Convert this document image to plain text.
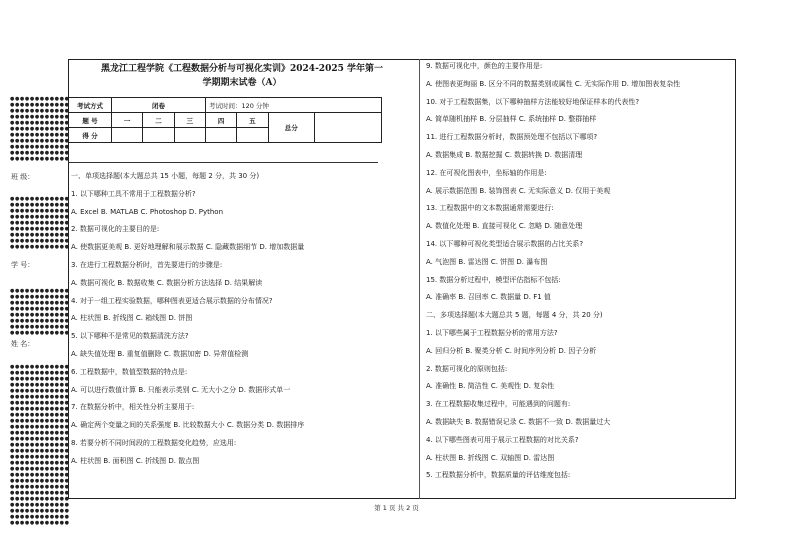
●●●●●●●●●●●●
●●●●●●●●●●●●
●●●●●●●●●●●●
●●●●●●●●●●●●
●●●●●●●●●●●●
●●●●●●●●●●●●
●●●●●●●●●●●●
●●●●●●●●●●●●
●●●●●●●●●●●●
●●●●●●●●●●●●
●●●●●●●●●●●●
班 级：
●●●●●●●●●●●●
●●●●●●●●●●●●
●●●●●●●●●●●●
●●●●●●●●●●●●
●●●●●●●●●●●●
●●●●●●●●●●●●
●●●●●●●●●●●●
●●●●●●●●●●●●
●●●●●●●●●●●●
学 号：
●●●●●●●●●●●●
●●●●●●●●●●●●
●●●●●●●●●●●●
●●●●●●●●●●●●
●●●●●●●●●●●●
●●●●●●●●●●●●
●●●●●●●●●●●●
●●●●●●●●●●●●
姓 名：
●●●●●●●●●●●●
●●●●●●●●●●●●
●●●●●●●●●●●●
●●●●●●●●●●●●
●●●●●●●●●●●●
●●●●●●●●●●●●
●●●●●●●●●●●●
●●●●●●●●●●●●
●●●●●●●●●●●●
●●●●●●●●●●●●
●●●●●●●●●●●●
●●●●●●●●●●●●
●●●●●●●●●●●●
●●●●●●●●●●●●
●●●●●●●●●●●●
●●●●●●●●●●●●
●●●●●●●●●●●●
●●●●●●●●●●●●
●●●●●●●●●●●●
●●●●●●●●●●●●
●●●●●●●●●●●●
●●●●●●●●●●●●
●●●●●●●●●●●●
●●●●●●●●●●●●
●●●●●●●●●●●●
●●●●●●●●●●●●
●●●●●●●●●●●●
黑龙江工程学院《工程数据分析与可视化实训》2024-2025 学年第一
学期期末试卷（A）
考试方式	闭卷			考试时间：120 分钟			
题 号	一	二	三	四	五	总分	
得 分							

一、单项选择题(本大题总共 15 小题，每题 2 分，共 30 分)

1. 以下哪种工具不常用于工程数据分析?

A. Excel B. MATLAB C. Photoshop D. Python

2. 数据可视化的主要目的是:

A. 使数据更美观 B. 更好地理解和展示数据 C. 隐藏数据细节 D. 增加数据量

3. 在进行工程数据分析时，首先要进行的步骤是:

A. 数据可视化 B. 数据收集 C. 数据分析方法选择 D. 结果解读

4. 对于一组工程实验数据，哪种图表更适合展示数据的分布情况?

A. 柱状图 B. 折线图 C. 箱线图 D. 饼图

5. 以下哪种不是常见的数据清洗方法?

A. 缺失值处理 B. 重复值删除 C. 数据加密 D. 异常值检测

6. 工程数据中，数值型数据的特点是:

A. 可以进行数值计算 B. 只能表示类别 C. 无大小之分 D. 数据形式单一

7. 在数据分析中，相关性分析主要用于:

A. 确定两个变量之间的关系强度 B. 比较数据大小 C. 数据分类 D. 数据排序

8. 若要分析不同时间段的工程数据变化趋势，应选用:

A. 柱状图 B. 面积图 C. 折线图 D. 散点图

9. 数据可视化中，颜色的主要作用是:

A. 使图表更绚丽 B. 区分不同的数据类别或属性 C. 无实际作用 D. 增加图表复杂性

10. 对于工程数据集，以下哪种抽样方法能较好地保证样本的代表性?

A. 简单随机抽样 B. 分层抽样 C. 系统抽样 D. 整群抽样

11. 进行工程数据分析时，数据预处理不包括以下哪项?

A. 数据集成 B. 数据挖掘 C. 数据转换 D. 数据清理

12. 在可视化图表中，坐标轴的作用是:

A. 展示数据范围 B. 装饰图表 C. 无实际意义 D. 仅用于美观

13. 工程数据中的文本数据通常需要进行:

A. 数值化处理 B. 直接可视化 C. 忽略 D. 随意处理

14. 以下哪种可视化类型适合展示数据的占比关系?

A. 气泡图 B. 雷达图 C. 饼图 D. 瀑布图

15. 数据分析过程中，模型评估指标不包括:

A. 准确率 B. 召回率 C. 数据量 D. F1 值

二、多项选择题(本大题总共 5 题，每题 4 分，共 20 分)

1. 以下哪些属于工程数据分析的常用方法?

A. 回归分析 B. 聚类分析 C. 时间序列分析 D. 因子分析

2. 数据可视化的原则包括:

A. 准确性 B. 简洁性 C. 美观性 D. 复杂性

3. 在工程数据收集过程中，可能遇到的问题有:

A. 数据缺失 B. 数据错误记录 C. 数据不一致 D. 数据量过大

4. 以下哪些图表可用于展示工程数据的对比关系?

A. 柱状图 B. 折线图 C. 双轴图 D. 雷达图

5. 工程数据分析中，数据质量的评估维度包括:

第 1 页 共 2 页
